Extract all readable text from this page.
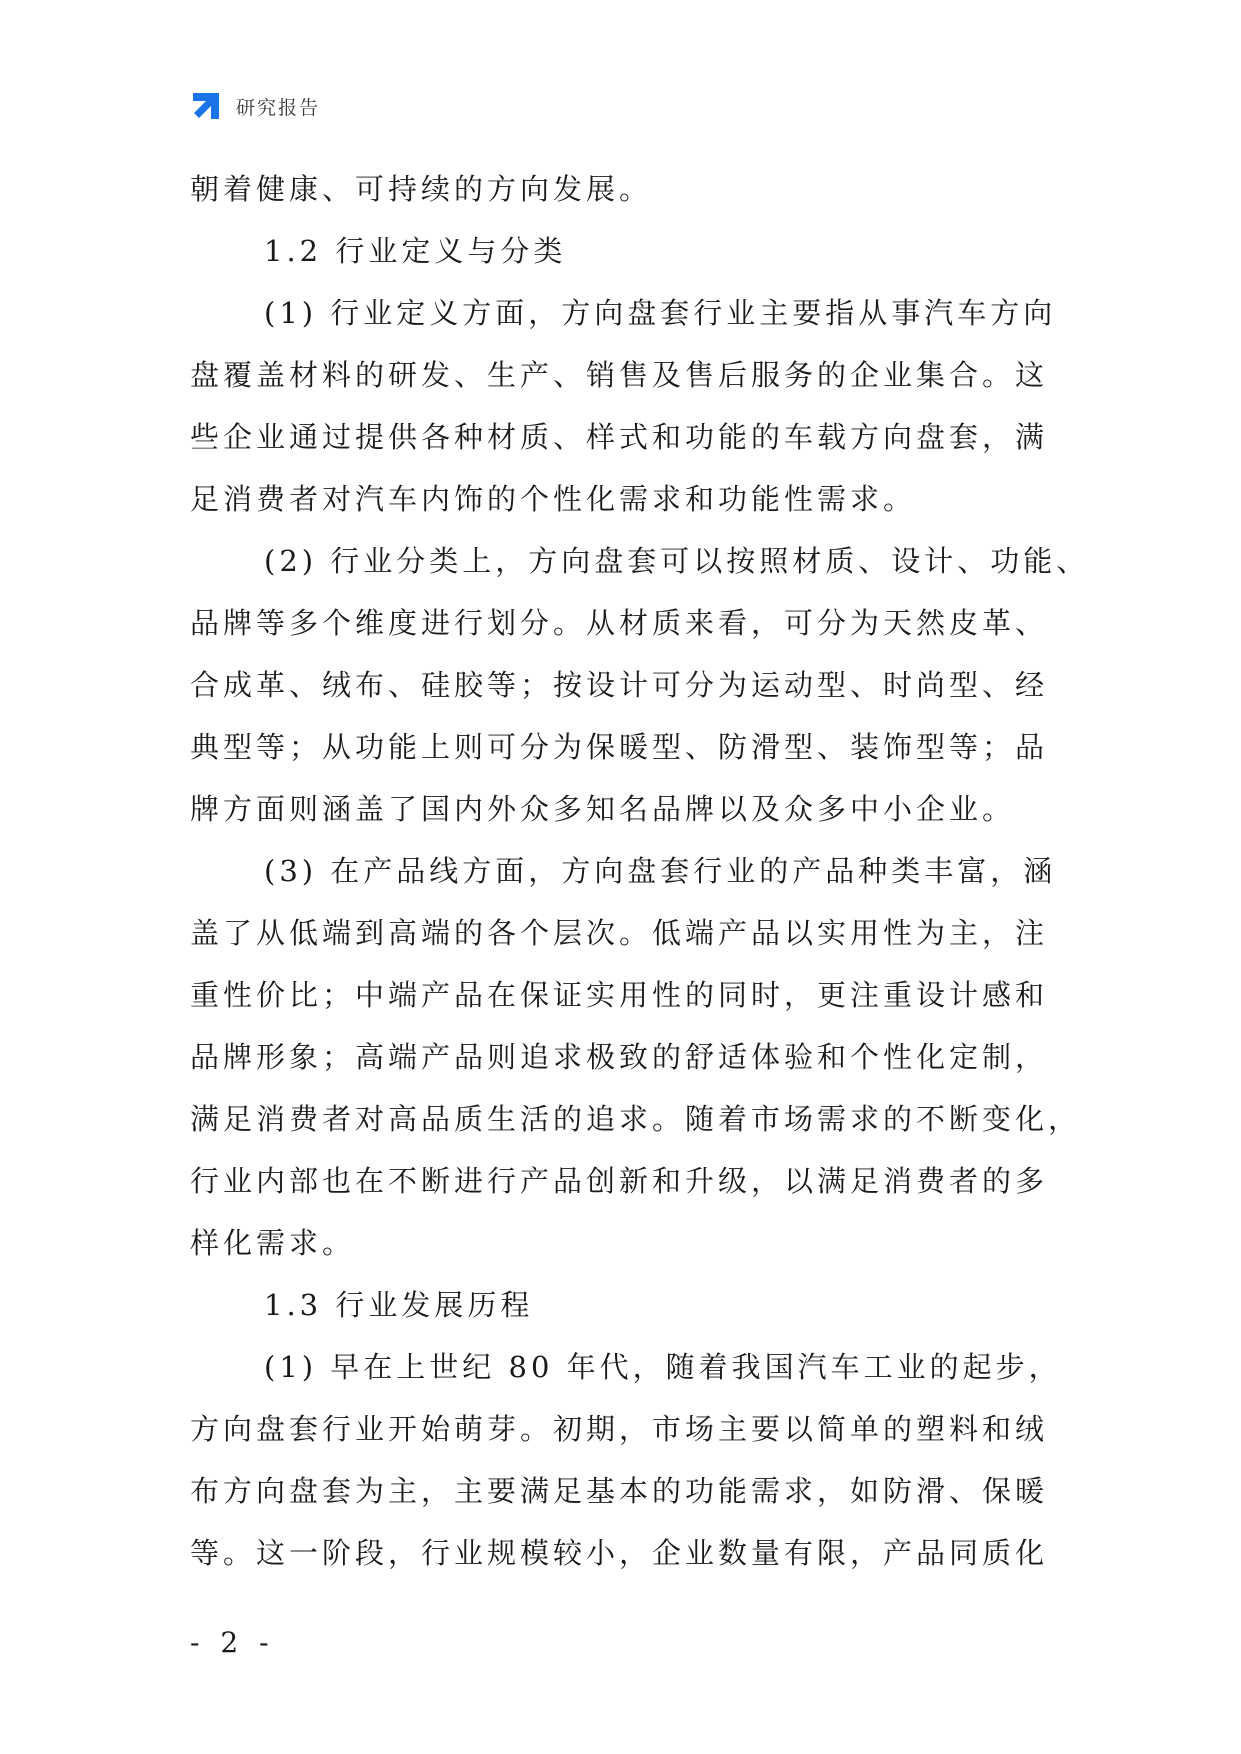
研究报告
朝着健康、可持续的方向发展。
1.2 行业定义与分类
(1) 行业定义方面，方向盘套行业主要指从事汽车方向
盘覆盖材料的研发、生产、销售及售后服务的企业集合。这
些企业通过提供各种材质、样式和功能的车载方向盘套，满
足消费者对汽车内饰的个性化需求和功能性需求。
(2) 行业分类上，方向盘套可以按照材质、设计、功能、
品牌等多个维度进行划分。从材质来看，可分为天然皮革、
合成革、绒布、硅胶等；按设计可分为运动型、时尚型、经
典型等；从功能上则可分为保暖型、防滑型、装饰型等；品
牌方面则涵盖了国内外众多知名品牌以及众多中小企业。
(3) 在产品线方面，方向盘套行业的产品种类丰富，涵
盖了从低端到高端的各个层次。低端产品以实用性为主，注
重性价比；中端产品在保证实用性的同时，更注重设计感和
品牌形象；高端产品则追求极致的舒适体验和个性化定制，
满足消费者对高品质生活的追求。随着市场需求的不断变化，
行业内部也在不断进行产品创新和升级，以满足消费者的多
样化需求。
1.3 行业发展历程
(1) 早在上世纪 80 年代，随着我国汽车工业的起步，
方向盘套行业开始萌芽。初期，市场主要以简单的塑料和绒
布方向盘套为主，主要满足基本的功能需求，如防滑、保暖
等。这一阶段，行业规模较小，企业数量有限，产品同质化
- 2 -
